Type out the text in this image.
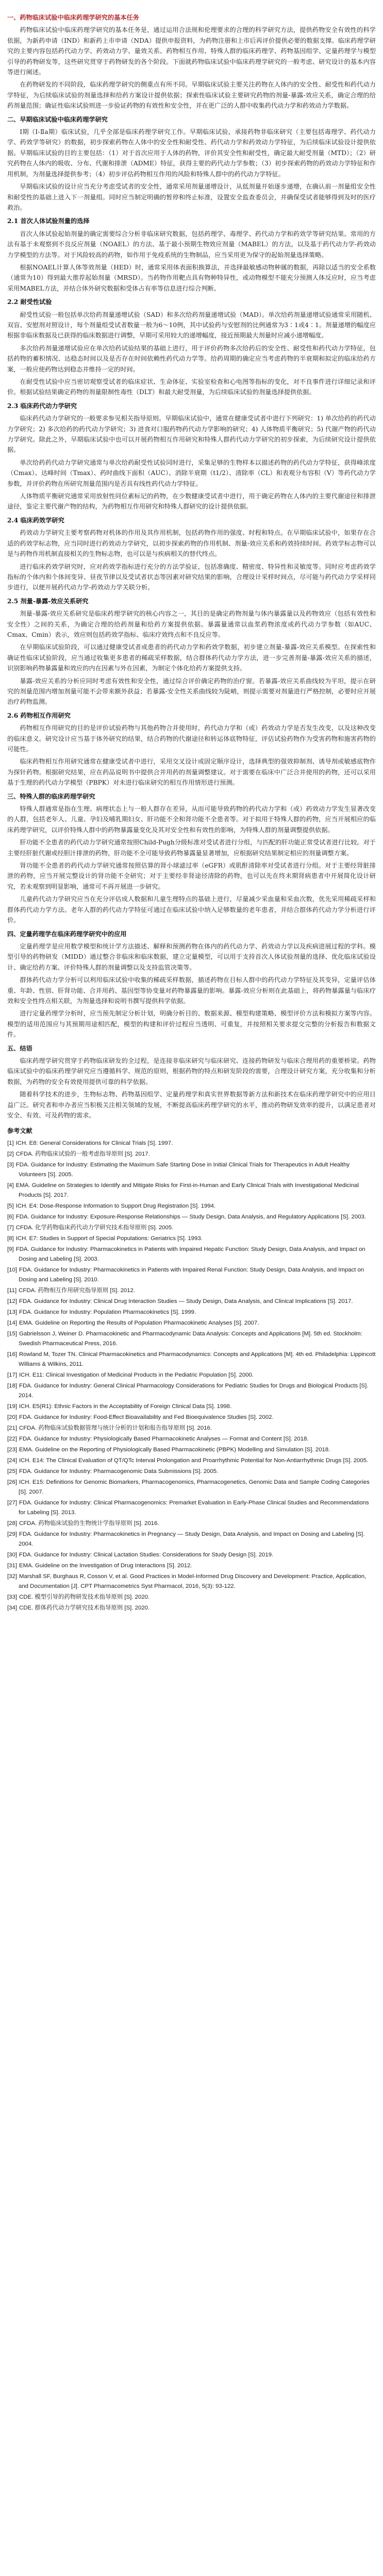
一、药物临床试验中临床药理学研究的基本任务
药物临床试验中临床药理学研究的基本任务是，通过运用合法规和伦理要求的合理的科学研究方法，提供药物安全有效性的科学依据，为新药申请（IND）和新药上市申请（NDA）提供申报资料，为药物注册和上市后再评价提供必要的数据支撑。临床药理学研究的主要内容包括药代动力学、药效动力学、量效关系、药物相互作用、特殊人群的临床药理学、药物基因组学、定量药理学与模型引导的药物研发等，这些研究贯穿于药物研发的各个阶段。下面就药物临床试验中临床药理学研究的一般考虑、研究设计的基本内容等进行阐述。
在药物研发的不同阶段，临床药理学研究的侧重点有所不同。早期临床试验主要关注药物在人体内的安全性、耐受性和药代动力学特征，为后续临床试验的剂量选择和给药方案设计提供依据；探索性临床试验主要研究药物的剂量-暴露-效应关系，确定合理的给药剂量范围；确证性临床试验则进一步验证药物的有效性和安全性，并在更广泛的人群中收集药代动力学和药效动力学数据。
二、早期临床试验中临床药理学研究
I期（Ⅰ-Ⅱa期）临床试验，几乎全部是临床药理学研究工作。早期临床试验，承接药物非临床研究（主要包括毒理学、药代动力学、药效学等研究）的数据，初步探索药物在人体中的安全性和耐受性、药代动力学和药效动力学特征，为后续临床试验设计提供依据。早期临床试验的目的主要包括：（1）对于首次应用于人体的药物，评价其安全性和耐受性，确定最大耐受剂量（MTD）；（2）研究药物在人体内的吸收、分布、代谢和排泄（ADME）特征，获得主要的药代动力学参数；（3）初步探索药物的药效动力学特征和作用机制，为剂量选择提供参考；（4）初步评估药物相互作用的风险和特殊人群中的药代动力学特征。
早期临床试验的设计应当充分考虑受试者的安全性，通常采用剂量递增设计，从低剂量开始逐步递增，在确认前一剂量组安全性和耐受性的基础上进入下一剂量组。同时应当制定明确的暂停和终止标准，设置安全监查委员会，并确保受试者能够得到及时的医疗救治。
2.1 首次人体试验剂量的选择
首次人体试验起始剂量的确定需要综合分析非临床研究数据，包括药理学、毒理学、药代动力学和药效学等研究结果。常用的方法有基于未观察到不良反应剂量（NOAEL）的方法、基于最小预期生物效应剂量（MABEL）的方法，以及基于药代动力学-药效动力学模型的方法等。对于风险较高的药物，如作用于免疫系统的生物制品，应当采用更为保守的起始剂量选择策略。
根据NOAEL计算人体等效剂量（HED）时，通常采用体表面积换算法，并选择最敏感动物种属的数据，再除以适当的安全系数（通常为10）得到最大推荐起始剂量（MRSD）。当药物作用靶点具有物种特异性，或动物模型不能充分预测人体反应时，应当考虑采用MABEL方法，并结合体外研究数据和受体占有率等信息进行综合判断。
2.2 耐受性试验
耐受性试验一般包括单次给药剂量递增试验（SAD）和多次给药剂量递增试验（MAD）。单次给药剂量递增试验通常采用随机、双盲、安慰剂对照设计，每个剂量组受试者数量一般为6～10例，其中试验药与安慰剂的比例通常为3∶1或4∶1。剂量递增的幅度应根据非临床数据及已获得的临床数据进行调整，早期可采用较大的递增幅度，接近预期最大剂量时应减小递增幅度。
多次给药剂量递增试验应在单次给药试验结果的基础上进行，用于评价药物多次给药后的安全性、耐受性和药代动力学特征，包括药物的蓄积情况、达稳态时间以及是否存在时间依赖性药代动力学等。给药周期的确定应当考虑药物的半衰期和拟定的临床给药方案，一般应使药物达到稳态并维持一定的时间。
在耐受性试验中应当密切观察受试者的临床症状、生命体征、实验室检查和心电图等指标的变化，对不良事件进行详细记录和评价。根据试验结果确定药物的剂量限制性毒性（DLT）和最大耐受剂量，为后续临床试验的剂量选择提供依据。
2.3 临床药代动力学研究
临床药代动力学研究的一般要求参见相关指导原则。早期临床试验中，通常在健康受试者中进行下列研究：1) 单次给药的药代动力学研究；2) 多次给药的药代动力学研究；3) 进食对口服药物药代动力学影响的研究；4) 人体物质平衡研究；5) 代谢产物的药代动力学研究。除此之外，早期临床试验中也可以开展药物相互作用研究和特殊人群药代动力学研究的初步探索，为后续研究设计提供依据。
单次给药药代动力学研究通常与单次给药耐受性试验同时进行，采集足够的生物样本以描述药物的药代动力学特征，获得峰浓度（Cmax）、达峰时间（Tmax）、药时曲线下面积（AUC）、消除半衰期（t1/2）、清除率（CL）和表观分布容积（V）等药代动力学参数，并评价药物在所研究剂量范围内是否具有线性药代动力学特征。
人体物质平衡研究通常采用放射性同位素标记的药物，在少数健康受试者中进行，用于确定药物在人体内的主要代谢途径和排泄途径，鉴定主要代谢产物的结构，为药物相互作用研究和特殊人群研究的设计提供依据。
2.4 临床药效学研究
药效动力学研究主要考察药物对机体的作用及其作用机制，包括药物作用的强度、时程和特点。在早期临床试验中，如果存在合适的药效学标志物，应当同时进行药效动力学研究，以初步探索药物的作用机制、剂量-效应关系和药效持续时间。药效学标志物可以是与药物作用机制直接相关的生物标志物，也可以是与疾病相关的替代终点。
进行临床药效学研究时，应对药效学指标进行充分的方法学验证，包括准确度、精密度、特异性和灵敏度等。同时应考虑药效学指标的个体内和个体间变异、昼夜节律以及受试者状态等因素对研究结果的影响，合理设计采样时间点，尽可能与药代动力学采样同步进行，以便开展药代动力学-药效动力学关联分析。
2.5 剂量-暴露-效应关系研究
剂量-暴露-效应关系研究是临床药理学研究的核心内容之一，其目的是确定药物剂量与体内暴露量以及药物效应（包括有效性和安全性）之间的关系，为确定合理的给药剂量和给药方案提供依据。暴露量通常以血浆药物浓度或药代动力学参数（如AUC、Cmax、Cmin）表示，效应则包括药效学指标、临床疗效终点和不良反应等。
在早期临床试验阶段，可以通过健康受试者或患者的药代动力学和药效学数据，初步建立剂量-暴露-效应关系模型。在探索性和确证性临床试验阶段，应当通过收集更多患者的稀疏采样数据，结合群体药代动力学方法，进一步完善剂量-暴露-效应关系的描述，识别影响药物暴露量和效应的内在因素与外在因素，为制定个体化给药方案提供支持。
暴露-效应关系的分析应同时考虑有效性和安全性，通过综合评价确定药物的治疗窗。若暴露-效应关系曲线较为平坦，提示在研究的剂量范围内增加剂量可能不会带来额外获益；若暴露-安全性关系曲线较为陡峭，则提示需要对剂量进行严格控制，必要时应开展治疗药物监测。
2.6 药物相互作用研究
药物相互作用研究的目的是评价试验药物与其他药物合并使用时，药代动力学和（或）药效动力学是否发生改变，以及这种改变的临床意义。研究设计应当基于体外研究的结果，结合药物的代谢途径和转运体底物特征，评估试验药物作为受害药物和施害药物的可能性。
临床药物相互作用研究通常在健康受试者中进行，采用交叉设计或固定顺序设计，选择典型的强效抑制剂、诱导剂或敏感底物作为探针药物。根据研究结果，应在药品说明书中提供合并用药的剂量调整建议。对于需要在临床中广泛合并使用的药物，还可以采用基于生理的药代动力学模型（PBPK）对未进行临床研究的相互作用情形进行预测。
三、特殊人群的临床药理学研究
特殊人群通常是指在生理、病理状态上与一般人群存在差异，从而可能导致药物的药代动力学和（或）药效动力学发生显著改变的人群，包括老年人、儿童、孕妇及哺乳期妇女、肝功能不全和肾功能不全患者等。对于拟用于特殊人群的药物，应当开展相应的临床药理学研究，以评价特殊人群中的药物暴露量变化及其对安全性和有效性的影响，为特殊人群的剂量调整提供依据。
肝功能不全患者的药代动力学研究通常按照Child-Pugh分级标准对受试者进行分组，与匹配的肝功能正常受试者进行比较。对于主要经肝脏代谢或经胆汁排泄的药物，肝功能不全可能导致药物暴露量显著增加，应根据研究结果制定相应的剂量调整方案。
肾功能不全患者的药代动力学研究通常按照估算的肾小球滤过率（eGFR）或肌酐清除率对受试者进行分组。对于主要经肾脏排泄的药物，应当开展完整设计的肾功能不全研究；对于主要经非肾途径清除的药物，也可以先在终末期肾病患者中开展简化设计研究，若未观察到明显影响，通常可不再开展进一步研究。
儿童药代动力学研究应当在充分评估成人数据和儿童生理特点的基础上进行，尽量减少采血量和采血次数，优先采用稀疏采样和群体药代动力学方法。老年人群的药代动力学特征可通过在临床试验中纳入足够数量的老年患者，并结合群体药代动力学分析进行评价。
四、定量药理学在临床药理学研究中的应用
定量药理学是应用数学模型和统计学方法描述、解释和预测药物在体内的药代动力学、药效动力学以及疾病进展过程的学科。模型引导的药物研发（MIDD）通过整合非临床和临床数据，建立定量模型，可以用于支持首次人体试验剂量的选择、优化临床试验设计、确定给药方案、评价特殊人群的剂量调整以及支持监管决策等。
群体药代动力学分析可以利用临床试验中收集的稀疏采样数据，描述药物在目标人群中的药代动力学特征及其变异，定量评估体重、年龄、性别、肝肾功能、合并用药、基因型等协变量对药物暴露量的影响。暴露-效应分析则在此基础上，将药物暴露量与临床疗效和安全性终点相关联，为剂量选择和说明书撰写提供科学依据。
进行定量药理学分析时，应当预先制定分析计划，明确分析目的、数据来源、模型构建策略、模型评价方法和模拟方案等内容。模型的适用范围应与其预期用途相匹配，模型的构建和评价过程应当透明、可重复，并按照相关要求提交完整的分析报告和数据文件。
五、结语
临床药理学研究贯穿于药物临床研发的全过程，是连接非临床研究与临床研究、连接药物研发与临床合理用药的重要桥梁。药物临床试验中的临床药理学研究应当遵循科学、规范的原则，根据药物的特点和研发阶段的需要，合理设计研究方案，充分收集和分析数据，为药物的安全有效使用提供可靠的科学依据。
随着科学技术的进步，生物标志物、药物基因组学、定量药理学和真实世界数据等新方法和新技术在临床药理学研究中的应用日益广泛。研究者和申办者应当积极关注相关领域的发展，不断提高临床药理学研究的水平，推动药物研发效率的提升，以满足患者对安全、有效、可及药物的需求。
参考文献
[1] ICH. E8: General Considerations for Clinical Trials [S]. 1997.
[2] CFDA. 药物临床试验的一般考虑指导原则 [S]. 2017.
[3] FDA. Guidance for Industry: Estimating the Maximum Safe Starting Dose in Initial Clinical Trials for Therapeutics in Adult Healthy Volunteers [S]. 2005.
[4] EMA. Guideline on Strategies to Identify and Mitigate Risks for First-in-Human and Early Clinical Trials with Investigational Medicinal Products [S]. 2017.
[5] ICH. E4: Dose-Response Information to Support Drug Registration [S]. 1994.
[6] FDA. Guidance for Industry: Exposure-Response Relationships — Study Design, Data Analysis, and Regulatory Applications [S]. 2003.
[7] CFDA. 化学药物临床药代动力学研究技术指导原则 [S]. 2005.
[8] ICH. E7: Studies in Support of Special Populations: Geriatrics [S]. 1993.
[9] FDA. Guidance for Industry: Pharmacokinetics in Patients with Impaired Hepatic Function: Study Design, Data Analysis, and Impact on Dosing and Labeling [S]. 2003.
[10] FDA. Guidance for Industry: Pharmacokinetics in Patients with Impaired Renal Function: Study Design, Data Analysis, and Impact on Dosing and Labeling [S]. 2010.
[11] CFDA. 药物相互作用研究指导原则 [S]. 2012.
[12] FDA. Guidance for Industry: Clinical Drug Interaction Studies — Study Design, Data Analysis, and Clinical Implications [S]. 2017.
[13] FDA. Guidance for Industry: Population Pharmacokinetics [S]. 1999.
[14] EMA. Guideline on Reporting the Results of Population Pharmacokinetic Analyses [S]. 2007.
[15] Gabrielsson J, Weiner D. Pharmacokinetic and Pharmacodynamic Data Analysis: Concepts and Applications [M]. 5th ed. Stockholm: Swedish Pharmaceutical Press, 2016.
[16] Rowland M, Tozer TN. Clinical Pharmacokinetics and Pharmacodynamics: Concepts and Applications [M]. 4th ed. Philadelphia: Lippincott Williams & Wilkins, 2011.
[17] ICH. E11: Clinical Investigation of Medicinal Products in the Pediatric Population [S]. 2000.
[18] FDA. Guidance for Industry: General Clinical Pharmacology Considerations for Pediatric Studies for Drugs and Biological Products [S]. 2014.
[19] ICH. E5(R1): Ethnic Factors in the Acceptability of Foreign Clinical Data [S]. 1998.
[20] FDA. Guidance for Industry: Food-Effect Bioavailability and Fed Bioequivalence Studies [S]. 2002.
[21] CFDA. 药物临床试验数据管理与统计分析的计划和报告指导原则 [S]. 2016.
[22] FDA. Guidance for Industry: Physiologically Based Pharmacokinetic Analyses — Format and Content [S]. 2018.
[23] EMA. Guideline on the Reporting of Physiologically Based Pharmacokinetic (PBPK) Modelling and Simulation [S]. 2018.
[24] ICH. E14: The Clinical Evaluation of QT/QTc Interval Prolongation and Proarrhythmic Potential for Non-Antiarrhythmic Drugs [S]. 2005.
[25] FDA. Guidance for Industry: Pharmacogenomic Data Submissions [S]. 2005.
[26] ICH. E15: Definitions for Genomic Biomarkers, Pharmacogenomics, Pharmacogenetics, Genomic Data and Sample Coding Categories [S]. 2007.
[27] FDA. Guidance for Industry: Clinical Pharmacogenomics: Premarket Evaluation in Early-Phase Clinical Studies and Recommendations for Labeling [S]. 2013.
[28] CFDA. 药物临床试验的生物统计学指导原则 [S]. 2016.
[29] FDA. Guidance for Industry: Pharmacokinetics in Pregnancy — Study Design, Data Analysis, and Impact on Dosing and Labeling [S]. 2004.
[30] FDA. Guidance for Industry: Clinical Lactation Studies: Considerations for Study Design [S]. 2019.
[31] EMA. Guideline on the Investigation of Drug Interactions [S]. 2012.
[32] Marshall SF, Burghaus R, Cosson V, et al. Good Practices in Model-Informed Drug Discovery and Development: Practice, Application, and Documentation [J]. CPT Pharmacometrics Syst Pharmacol, 2016, 5(3): 93-122.
[33] CDE. 模型引导的药物研发技术指导原则 [S]. 2020.
[34] CDE. 群体药代动力学研究技术指导原则 [S]. 2020.
